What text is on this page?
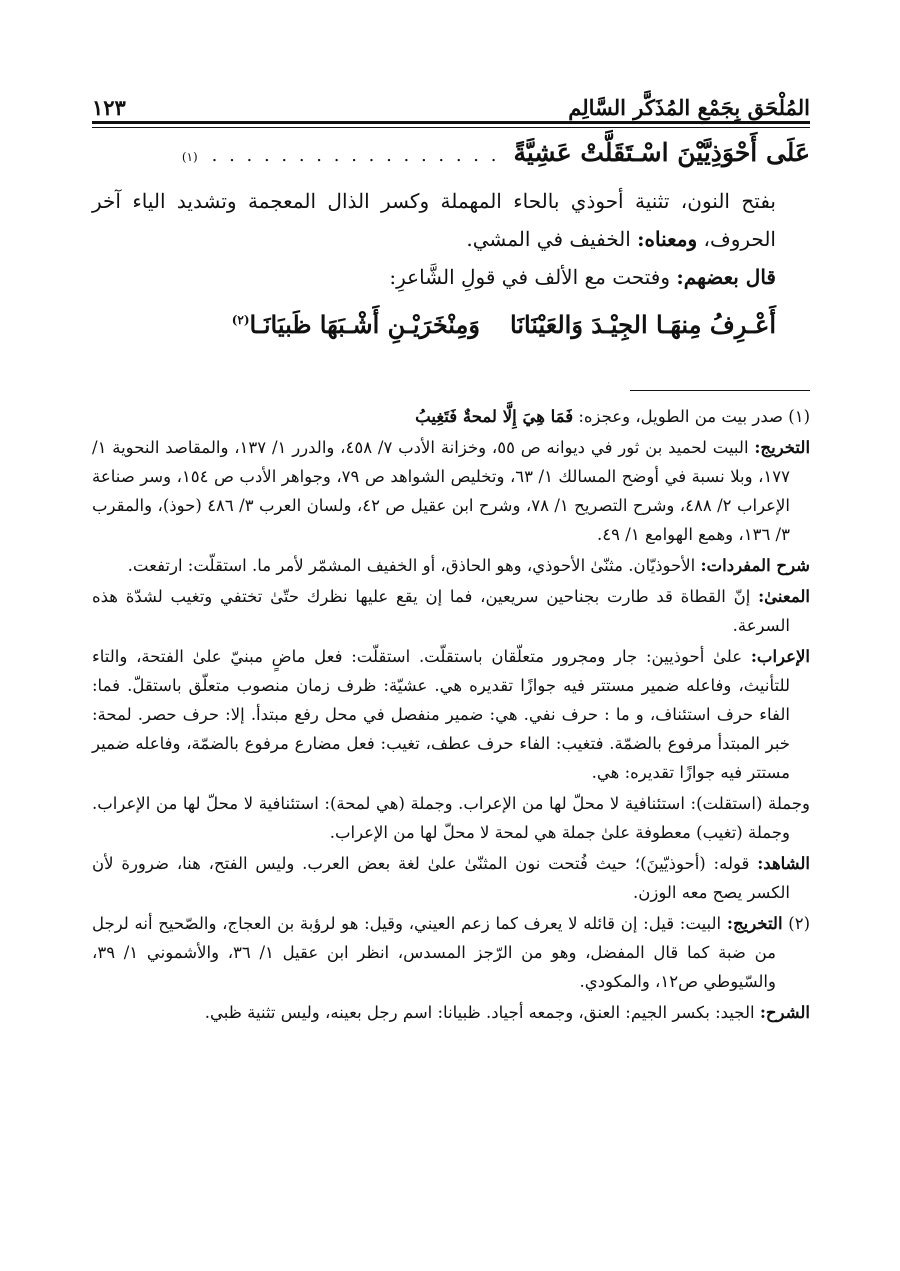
المُلْحَق بِجَمْعِ المُذَكَّر السَّالِم
١٢٣
عَلَى أَحْوَذِيَّيْنَ اسْـتَقَلَّتْ عَشِيَّةً
. . . . . . . . . . . . . . . . .
(١)

بفتح النون، تثنية أحوذي بالحاء المهملة وكسر الذال المعجمة وتشديد الياء آخر الحروف، ومعناه: الخفيف في المشي.

قال بعضهم: وفتحت مع الألف في قولِ الشَّاعرِ:

أَعْـرِفُ مِنهَـا الجِيْـدَ وَالعَيْنَانَا
وَمِنْخَرَيْـنِ أَشْـبَهَا ظَبيَانَـا$^{(٢)}$

(١) صدر بيت من الطويل، وعجزه: فَمَا هِيَ إِلَّا لمحةٌ فَتَغِيبُ

التخريج: البيت لحميد بن ثور في ديوانه ص ٥٥، وخزانة الأدب ٧/ ٤٥٨، والدرر ١/ ١٣٧، والمقاصد النحوية ١/ ١٧٧، وبلا نسبة في أوضح المسالك ١/ ٦٣، وتخليص الشواهد ص ٧٩، وجواهر الأدب ص ١٥٤، وسر صناعة الإعراب ٢/ ٤٨٨، وشرح التصريح ١/ ٧٨، وشرح ابن عقيل ص ٤٢، ولسان العرب ٣/ ٤٨٦ (حوذ)، والمقرب ٣/ ١٣٦، وهمع الهوامع ١/ ٤٩.

شرح المفردات: الأحوذيّان. مثنّىٰ الأحوذي، وهو الحاذق، أو الخفيف المشمّر لأمر ما. استقلّت: ارتفعت.

المعنىٰ: إنّ القطاة قد طارت بجناحين سريعين، فما إن يقع عليها نظرك حتّىٰ تختفي وتغيب لشدّة هذه السرعة.

الإعراب: علىٰ أحوذيين: جار ومجرور متعلّقان باستقلّت. استقلّت: فعل ماضٍ مبنيّ علىٰ الفتحة، والتاء للتأنيث، وفاعله ضمير مستتر فيه جوازًا تقديره هي. عشيّة: ظرف زمان منصوب متعلّق باستقلّ. فما: الفاء حرف استئناف، و ما : حرف نفي. هي: ضمير منفصل في محل رفع مبتدأ. إلا: حرف حصر. لمحة: خبر المبتدأ مرفوع بالضمّة. فتغيب: الفاء حرف عطف، تغيب: فعل مضارع مرفوع بالضمّة، وفاعله ضمير مستتر فيه جوازًا تقديره: هي.

وجملة (استقلت): استئنافية لا محلّ لها من الإعراب. وجملة (هي لمحة): استئنافية لا محلّ لها من الإعراب. وجملة (تغيب) معطوفة علىٰ جملة هي لمحة لا محلّ لها من الإعراب.

الشاهد: قوله: (أحوذيّينَ)؛ حيث فُتحت نون المثنّىٰ علىٰ لغة بعض العرب. وليس الفتح، هنا، ضرورة لأن الكسر يصح معه الوزن.

(٢) التخريج: البيت: قيل: إن قائله لا يعرف كما زعم العيني، وقيل: هو لرؤبة بن العجاج، والصّحيح أنه لرجل من ضبة كما قال المفضل، وهو من الرّجز المسدس، انظر ابن عقيل ١/ ٣٦، والأشموني ١/ ٣٩، والسّيوطي ص١٢، والمكودي.

الشرح: الجيد: بكسر الجيم: العنق، وجمعه أجياد. ظبيانا: اسم رجل بعينه، وليس تثنية ظبي.
